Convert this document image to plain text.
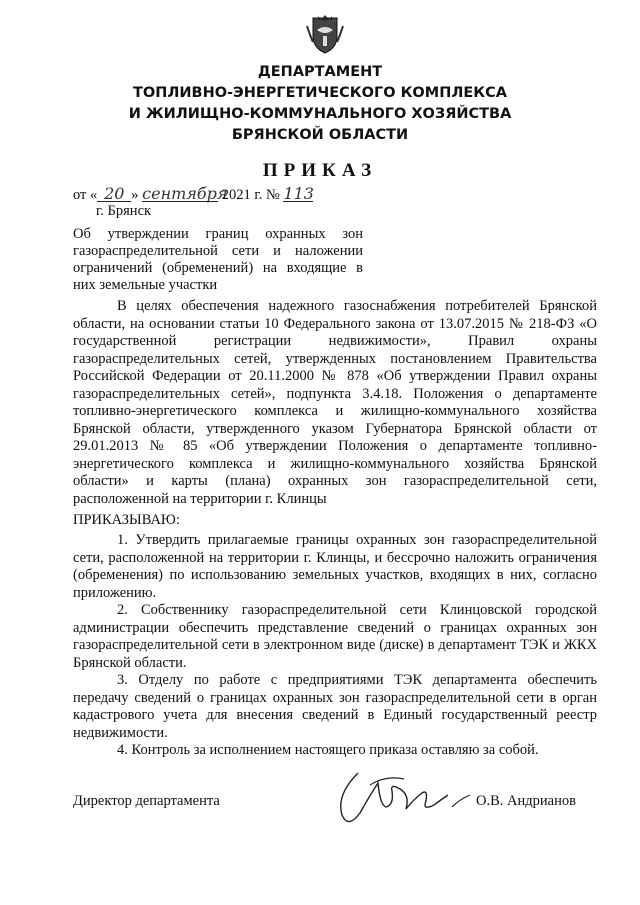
ДЕПАРТАМЕНТ
ТОПЛИВНО-ЭНЕРГЕТИЧЕСКОГО КОМПЛЕКСА
И ЖИЛИЩНО-КОММУНАЛЬНОГО ХОЗЯЙСТВА
БРЯНСКОЙ ОБЛАСТИ
ПРИКАЗ
от « 20 » сентября 2021 г. № 113
г. Брянск
Об утверждении границ охранных зон газораспределительной сети и наложении ограничений (обременений) на входящие в них земельные участки

В целях обеспечения надежного газоснабжения потребителей Брянской области, на основании статьи 10 Федерального закона от 13.07.2015 № 218-ФЗ «О государственной регистрации недвижимости», Правил охраны газораспределительных сетей, утвержденных постановлением Правительства Российской Федерации от 20.11.2000 № 878 «Об утверждении Правил охраны газораспределительных сетей», подпункта 3.4.18. Положения о департаменте топливно-энергетического комплекса и жилищно-коммунального хозяйства Брянской области, утвержденного указом Губернатора Брянской области от 29.01.2013 № 85 «Об утверждении Положения о департаменте топливно-энергетического комплекса и жилищно-коммунального хозяйства Брянской области» и карты (плана) охранных зон газораспределительной сети, расположенной на территории г. Клинцы

ПРИКАЗЫВАЮ:

1. Утвердить прилагаемые границы охранных зон газораспределительной сети, расположенной на территории г. Клинцы, и бессрочно наложить ограничения (обременения) по использованию земельных участков, входящих в них, согласно приложению.

2. Собственнику газораспределительной сети Клинцовской городской администрации обеспечить представление сведений о границах охранных зон газораспределительной сети в электронном виде (диске) в департамент ТЭК и ЖКХ Брянской области.

3. Отделу по работе с предприятиями ТЭК департамента обеспечить передачу сведений о границах охранных зон газораспределительной сети в орган кадастрового учета для внесения сведений в Единый государственный реестр недвижимости.

4. Контроль за исполнением настоящего приказа оставляю за собой.

Директор департамента	О.В. Андрианов
